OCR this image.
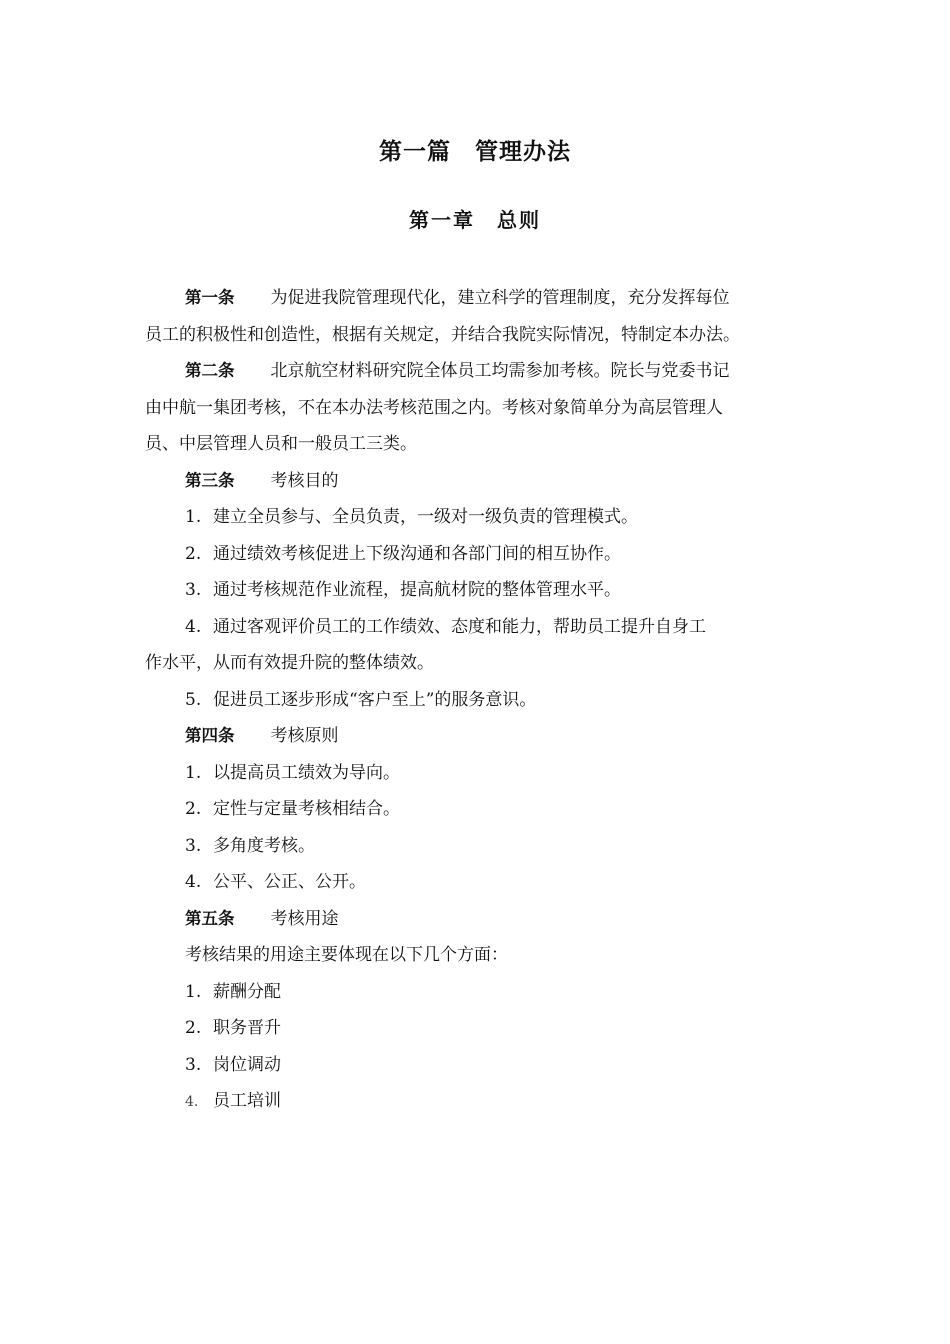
第一篇　管理办法
第一章 总则

第一条 为促进我院管理现代化，建立科学的管理制度，充分发挥每位

员工的积极性和创造性，根据有关规定，并结合我院实际情况，特制定本办法。

第二条 北京航空材料研究院全体员工均需参加考核。院长与党委书记

由中航一集团考核，不在本办法考核范围之内。考核对象简单分为高层管理人

员、中层管理人员和一般员工三类。

第三条 考核目的

1. 建立全员参与、全员负责，一级对一级负责的管理模式。

2. 通过绩效考核促进上下级沟通和各部门间的相互协作。

3. 通过考核规范作业流程，提高航材院的整体管理水平。

4. 通过客观评价员工的工作绩效、态度和能力，帮助员工提升自身工

作水平，从而有效提升院的整体绩效。

5. 促进员工逐步形成“客户至上”的服务意识。

第四条 考核原则

1. 以提高员工绩效为导向。

2. 定性与定量考核相结合。

3. 多角度考核。

4. 公平、公正、公开。

第五条 考核用途

考核结果的用途主要体现在以下几个方面：

1. 薪酬分配

2. 职务晋升

3. 岗位调动

4. 员工培训
